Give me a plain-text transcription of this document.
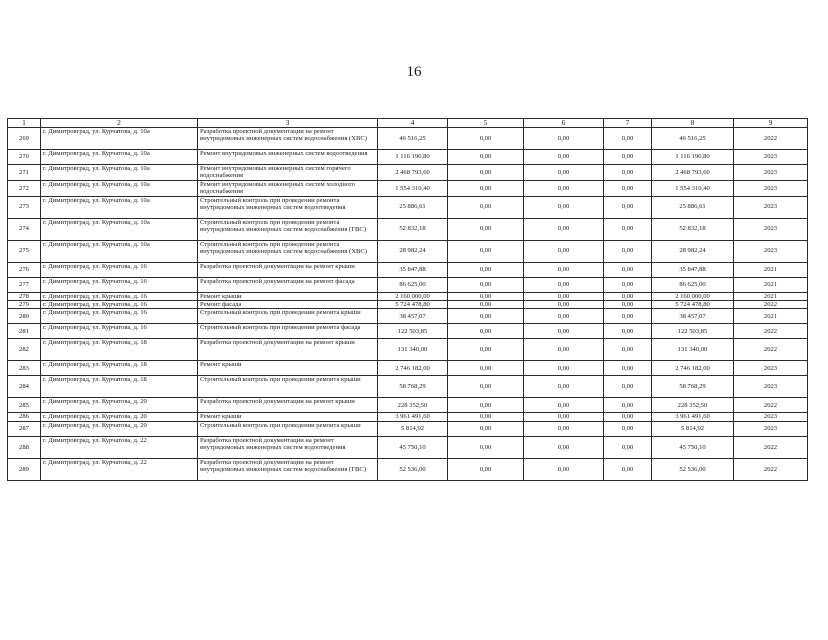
16
1	2	3	4	5	6	7	8	9
269	г. Димитровград, ул. Курчатова, д. 10а	Разработка проектной документации на ремонт внутридомовых инженерных систем водоснабжения (ХВС)	46 516,25	0,00	0,00	0,00	46 516,25	2022
270	г. Димитровград, ул. Курчатова, д. 10а	Ремонт внутридомовых инженерных систем водоотведения	1 116 196,80	0,00	0,00	0,00	1 116 196,80	2023
271	г. Димитровград, ул. Курчатова, д. 10а	Ремонт внутридомовых инженерных систем горячего водоснабжения	2 468 793,60	0,00	0,00	0,00	2 468 793,60	2023
272	г. Димитровград, ул. Курчатова, д. 10а	Ремонт внутридомовых инженерных систем холодного водоснабжения	1 554 310,40	0,00	0,00	0,00	1 554 310,40	2023
273	г. Димитровград, ул. Курчатова, д. 10а	Строительный контроль при проведении ремонта внутридомовых инженерных систем водоотведения	25 886,61	0,00	0,00	0,00	25 886,61	2023
274	г. Димитровград, ул. Курчатова, д. 10а	Строительный контроль при проведении ремонта внутридомовых инженерных систем водоснабжения (ГВС)	52 832,18	0,00	0,00	0,00	52 832,18	2023
275	г. Димитровград, ул. Курчатова, д. 10а	Строительный контроль при проведении ремонта внутридомовых инженерных систем водоснабжения (ХВС)	28 982,24	0,00	0,00	0,00	28 982,24	2023
276	г. Димитровград, ул. Курчатова, д. 16	Разработка проектной документации на ремонт крыши	35 847,88	0,00	0,00	0,00	35 847,88	2021
277	г. Димитровград, ул. Курчатова, д. 16	Разработка проектной документации на ремонт фасада	86 625,00	0,00	0,00	0,00	86 625,00	2021
278	г. Димитровград, ул. Курчатова, д. 16	Ремонт крыши	2 160 000,00	0,00	0,00	0,00	2 160 000,00	2021
279	г. Димитровград, ул. Курчатова, д. 16	Ремонт фасада	5 724 478,80	0,00	0,00	0,00	5 724 478,80	2022
280	г. Димитровград, ул. Курчатова, д. 16	Строительный контроль при проведении ремонта крыши	38 457,07	0,00	0,00	0,00	38 457,07	2021
281	г. Димитровград, ул. Курчатова, д. 16	Строительный контроль при проведении ремонта фасада	122 503,85	0,00	0,00	0,00	122 503,85	2022
282	г. Димитровград, ул. Курчатова, д. 18	Разработка проектной документации на ремонт крыши	131 340,00	0,00	0,00	0,00	131 340,00	2022
283	г. Димитровград, ул. Курчатова, д. 18	Ремонт крыши	2 746 182,00	0,00	0,00	0,00	2 746 182,00	2023
284	г. Димитровград, ул. Курчатова, д. 18	Строительный контроль при проведении ремонта крыши	58 768,29	0,00	0,00	0,00	58 768,29	2023
285	г. Димитровград, ул. Курчатова, д. 20	Разработка проектной документации на ремонт крыши	228 352,50	0,00	0,00	0,00	228 352,50	2022
286	г. Димитровград, ул. Курчатова, д. 20	Ремонт крыши	3 961 491,60	0,00	0,00	0,00	3 961 491,60	2023
287	г. Димитровград, ул. Курчатова, д. 20	Строительный контроль при проведении ремонта крыши	5 814,92	0,00	0,00	0,00	5 814,92	2023
288	г. Димитровград, ул. Курчатова, д. 22	Разработка проектной документации на ремонт внутридомовых инженерных систем водоотведения	45 750,10	0,00	0,00	0,00	45 750,10	2022
289	г. Димитровград, ул. Курчатова, д. 22	Разработка проектной документации на ремонт внутридомовых инженерных систем водоснабжения (ГВС)	52 536,00	0,00	0,00	0,00	52 536,00	2022
